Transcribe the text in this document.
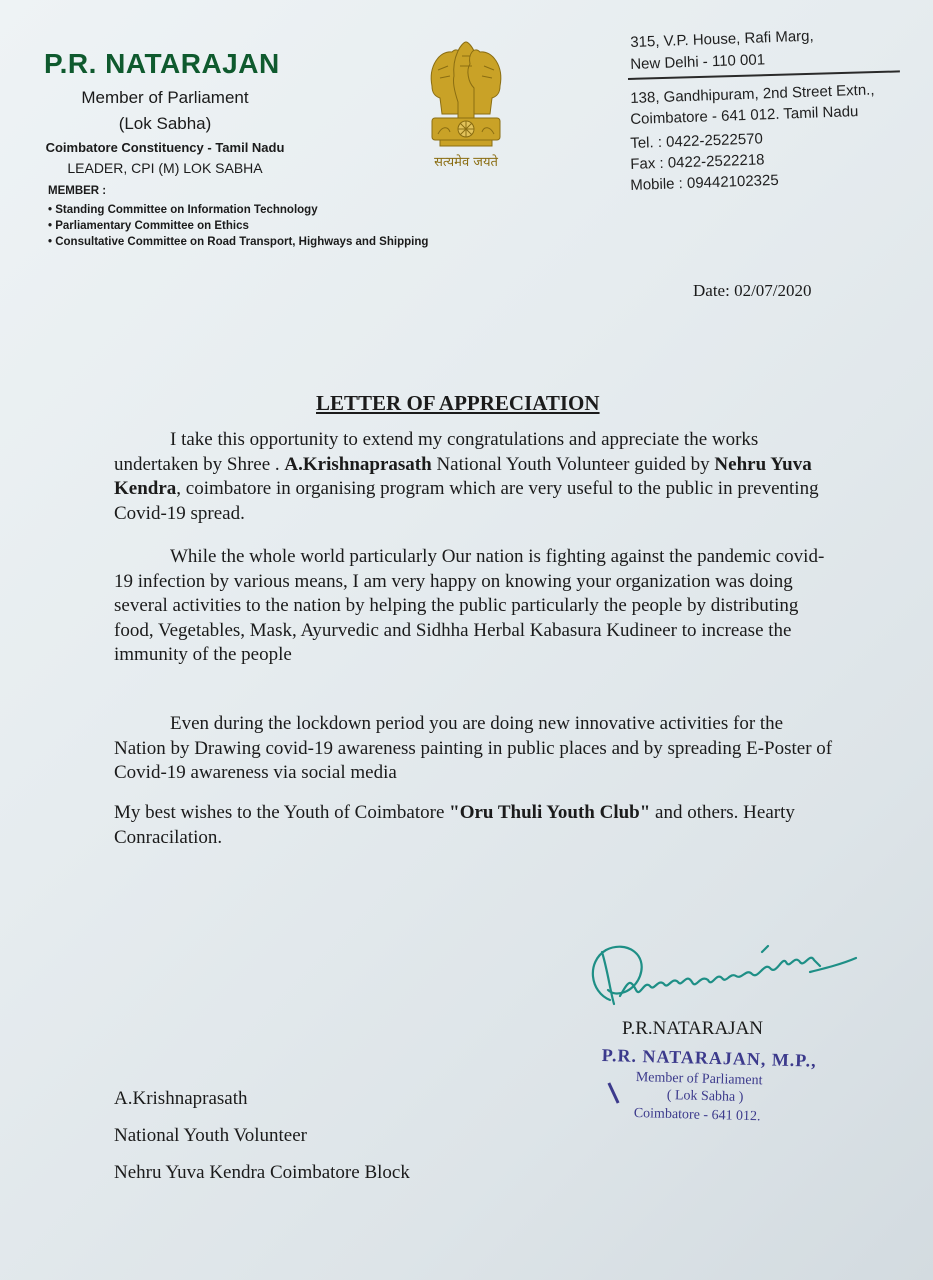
P.R. NATARAJAN
Member of Parliament
(Lok Sabha)
Coimbatore Constituency - Tamil Nadu
LEADER, CPI (M) LOK SABHA
MEMBER :
• Standing Committee on Information Technology
• Parliamentary Committee on Ethics
• Consultative Committee on Road Transport, Highways and Shipping
सत्यमेव जयते
315, V.P. House, Rafi Marg,
New Delhi - 110 001
138, Gandhipuram, 2nd Street Extn.,
Coimbatore - 641 012. Tamil Nadu
Tel. : 0422-2522570
Fax : 0422-2522218
Mobile : 09442102325
Date: 02/07/2020
LETTER OF APPRECIATION
I take this opportunity to extend my congratulations and appreciate the works undertaken by Shree . A.Krishnaprasath National Youth Volunteer guided by Nehru Yuva Kendra, coimbatore in organising program which are very useful to the public in preventing Covid-19 spread.
While the whole world particularly Our nation is fighting against the pandemic covid-19 infection by various means, I am very happy on knowing your organization was doing several activities to the nation by helping the public particularly the people by distributing food, Vegetables, Mask, Ayurvedic and Sidhha Herbal Kabasura Kudineer to increase the immunity of the people
Even during the lockdown period you are doing new innovative activities for the Nation by Drawing covid-19 awareness painting in public places and by spreading E-Poster of Covid-19 awareness via social media
My best wishes to the Youth of Coimbatore "Oru Thuli Youth Club" and others. Hearty Conracilation.
P.R.NATARAJAN
P.R. NATARAJAN, M.P.,
Member of Parliament
( Lok Sabha )
Coimbatore - 641 012.
A.Krishnaprasath
National Youth Volunteer
Nehru Yuva Kendra Coimbatore Block
